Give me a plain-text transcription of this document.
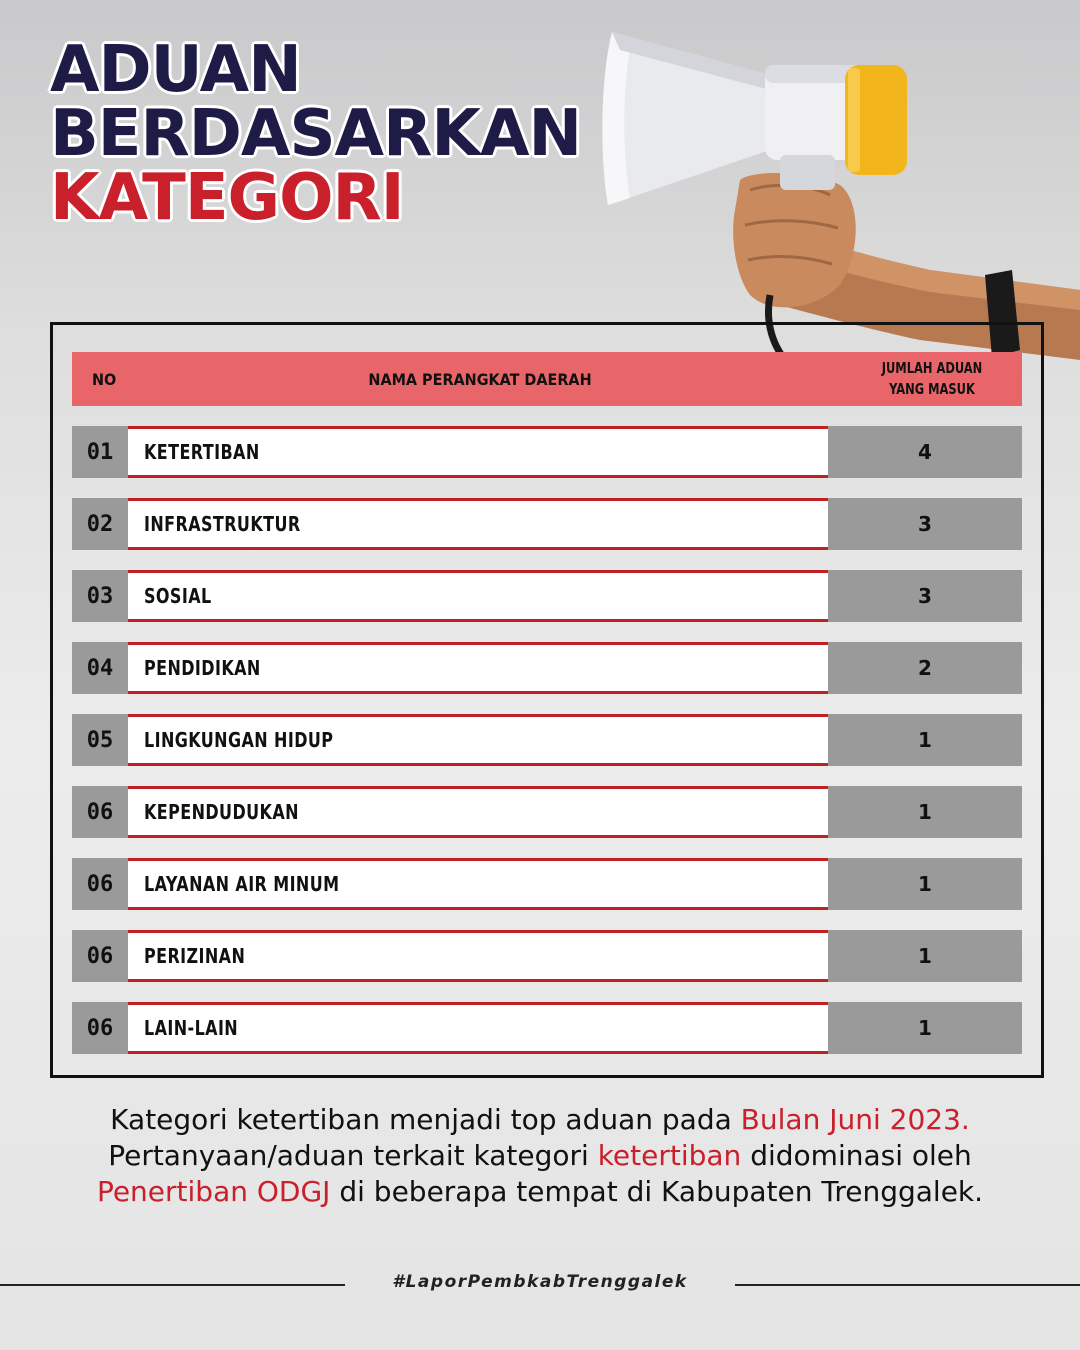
ADUAN
BERDASARKAN
KATEGORI
NO	NAMA PERANGKAT DAERAH
JUMLAH ADUAN
YANG MASUK
01	KETERTIBAN	4
02	INFRASTRUKTUR	3
03	SOSIAL	3
04	PENDIDIKAN	2
05	LINGKUNGAN HIDUP	1
06	KEPENDUDUKAN	1
06	LAYANAN AIR MINUM	1
06	PERIZINAN	1
06	LAIN-LAIN	1
Kategori ketertiban menjadi top aduan pada Bulan Juni 2023.
Pertanyaan/aduan terkait kategori ketertiban didominasi oleh
Penertiban ODGJ di beberapa tempat di Kabupaten Trenggalek.
#LaporPembkabTrenggalek
